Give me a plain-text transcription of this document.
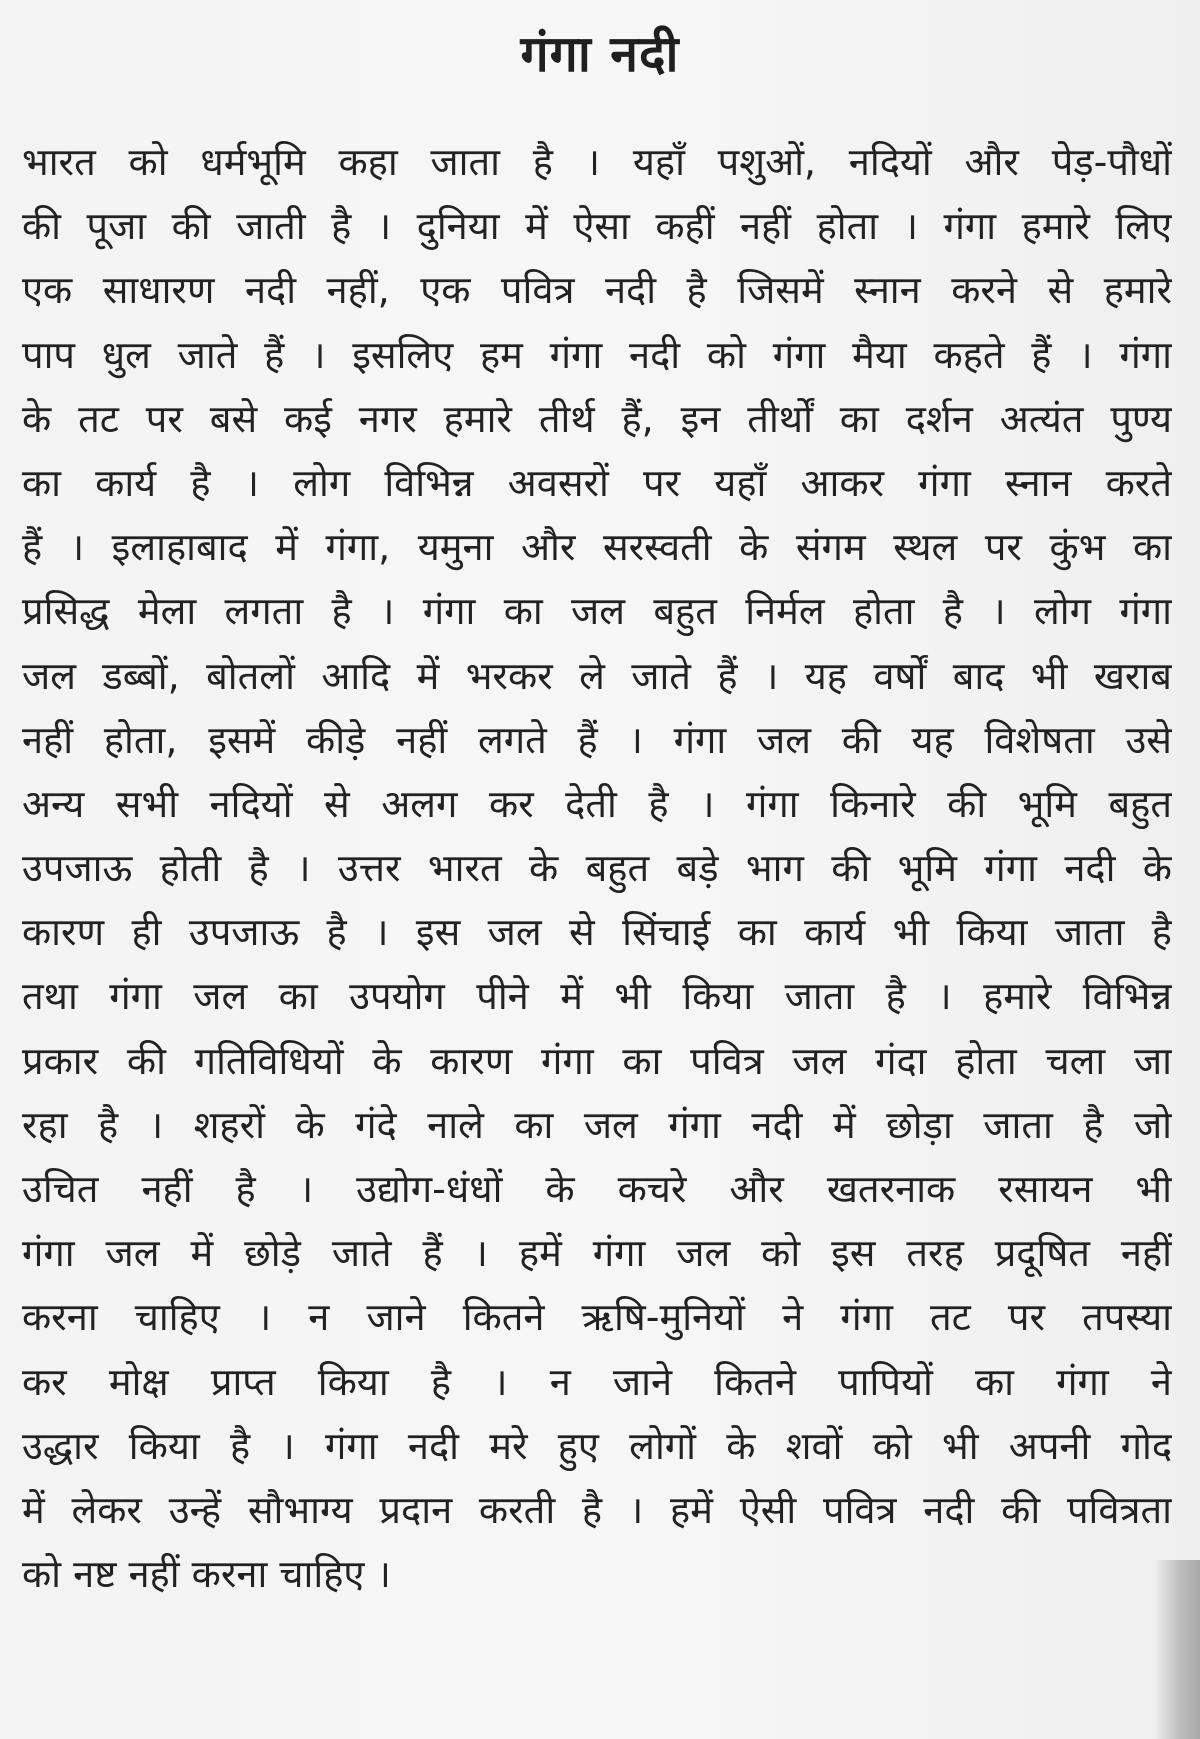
गंगा नदी
भारत को धर्मभूमि कहा जाता है । यहाँ पशुओं, नदियों और पेड़-पौधों
की पूजा की जाती है । दुनिया में ऐसा कहीं नहीं होता । गंगा हमारे लिए
एक साधारण नदी नहीं, एक पवित्र नदी है जिसमें स्नान करने से हमारे
पाप धुल जाते हैं । इसलिए हम गंगा नदी को गंगा मैया कहते हैं । गंगा
के तट पर बसे कई नगर हमारे तीर्थ हैं, इन तीर्थों का दर्शन अत्यंत पुण्य
का कार्य है । लोग विभिन्न अवसरों पर यहाँ आकर गंगा स्नान करते
हैं । इलाहाबाद में गंगा, यमुना और सरस्वती के संगम स्थल पर कुंभ का
प्रसिद्ध मेला लगता है । गंगा का जल बहुत निर्मल होता है । लोग गंगा
जल डब्बों, बोतलों आदि में भरकर ले जाते हैं । यह वर्षों बाद भी खराब
नहीं होता, इसमें कीड़े नहीं लगते हैं । गंगा जल की यह विशेषता उसे
अन्य सभी नदियों से अलग कर देती है । गंगा किनारे की भूमि बहुत
उपजाऊ होती है । उत्तर भारत के बहुत बड़े भाग की भूमि गंगा नदी के
कारण ही उपजाऊ है । इस जल से सिंचाई का कार्य भी किया जाता है
तथा गंगा जल का उपयोग पीने में भी किया जाता है । हमारे विभिन्न
प्रकार की गतिविधियों के कारण गंगा का पवित्र जल गंदा होता चला जा
रहा है । शहरों के गंदे नाले का जल गंगा नदी में छोड़ा जाता है जो
उचित नहीं है । उद्योग-धंधों के कचरे और खतरनाक रसायन भी
गंगा जल में छोड़े जाते हैं । हमें गंगा जल को इस तरह प्रदूषित नहीं
करना चाहिए । न जाने कितने ऋषि-मुनियों ने गंगा तट पर तपस्या
कर मोक्ष प्राप्त किया है । न जाने कितने पापियों का गंगा ने
उद्धार किया है । गंगा नदी मरे हुए लोगों के शवों को भी अपनी गोद
में लेकर उन्हें सौभाग्य प्रदान करती है । हमें ऐसी पवित्र नदी की पवित्रता
को नष्ट नहीं करना चाहिए ।
